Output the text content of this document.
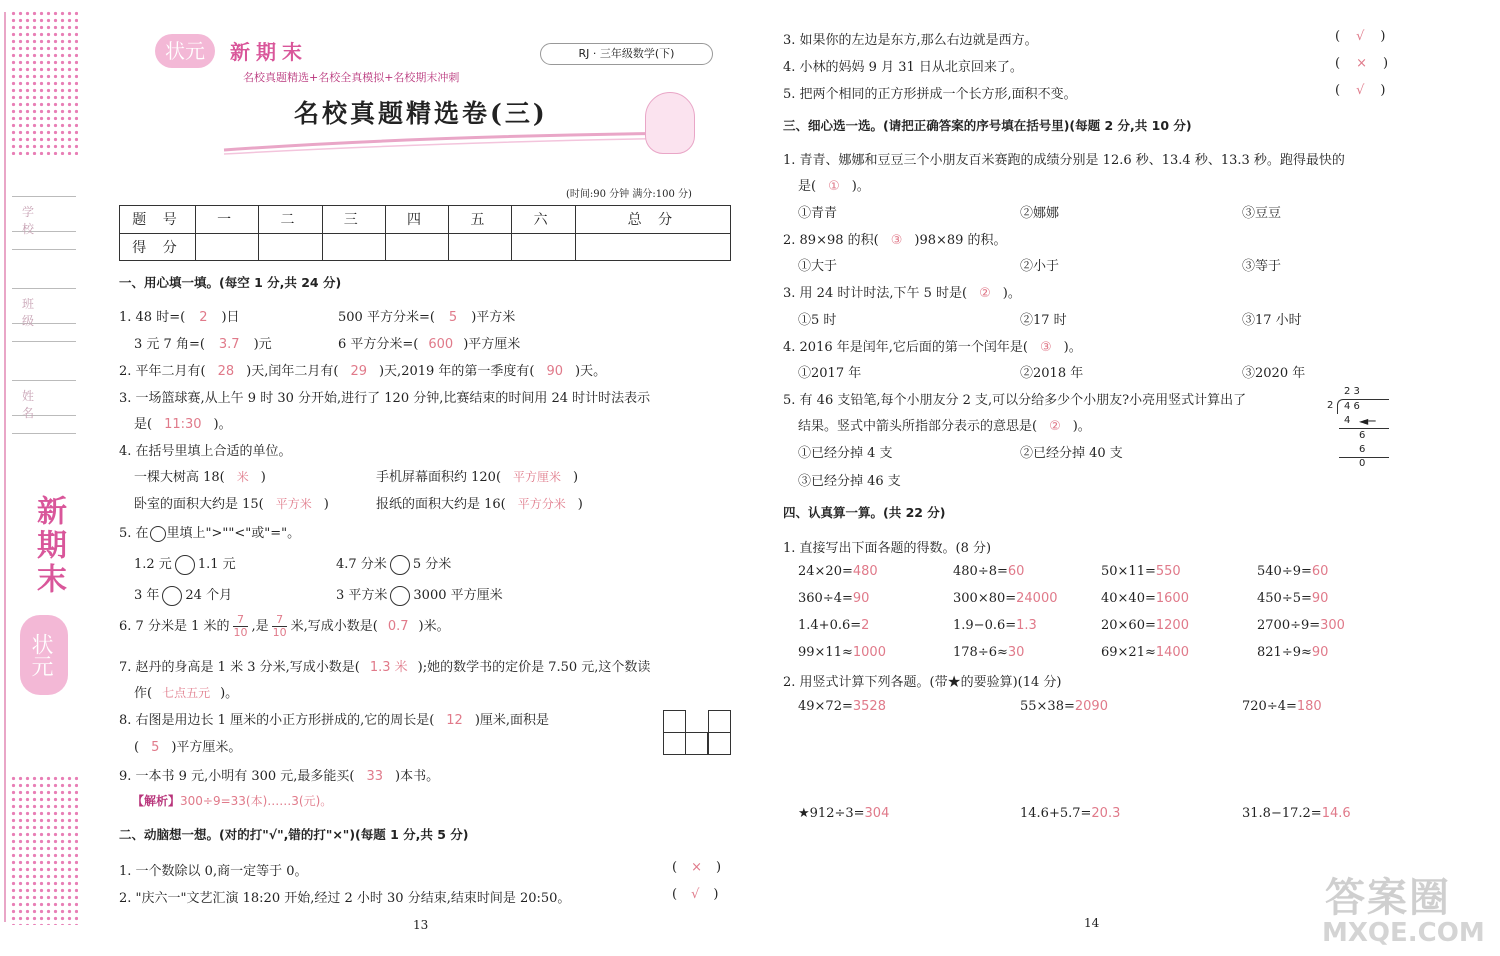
学校
班级
姓名
新期末
状元
状元	新期末
名校真题精选+名校全真模拟+名校期末冲刺
RJ · 三年级数学(下)
名校真题精选卷(三)
(时间:90 分钟 满分:100 分)
题 号	一	二	三	四	五	六	总 分
得 分							
一、用心填一填。(每空 1 分,共 24 分)
1. 48 时=( 2 )日	500 平方分米=( 5 )平方米
3 元 7 角=( 3.7 )元	6 平方分米=( 600 )平方厘米
2. 平年二月有( 28 )天,闰年二月有( 29 )天,2019 年的第一季度有( 90 )天。
3. 一场篮球赛,从上午 9 时 30 分开始,进行了 120 分钟,比赛结束的时间用 24 时计时法表示
是( 11:30 )。
4. 在括号里填上合适的单位。
一棵大树高 18( 米 )	手机屏幕面积约 120( 平方厘米 )
卧室的面积大约是 15( 平方米 )	报纸的面积大约是 16( 平方分米 )
5. 在 里填上">""<"或"="。
1.2 元 1.1 元	4.7 分米 5 分米
3 年 24 个月	3 平方米 3000 平方厘米
6. 7 分米是 1 米的 $\frac{7}{10}$ ,是 $\frac{7}{10}$ 米,写成小数是( 0.7 )米。
7. 赵丹的身高是 1 米 3 分米,写成小数是( 1.3 米 );她的数学书的定价是 7.50 元,这个数读
作( 七点五元 )。
8. 右图是用边长 1 厘米的小正方形拼成的,它的周长是( 12 )厘米,面积是
( 5 )平方厘米。
9. 一本书 9 元,小明有 300 元,最多能买( 33 )本书。
【解析】300÷9=33(本)……3(元)。
二、动脑想一想。(对的打"√",错的打"×")(每题 1 分,共 5 分)
1. 一个数除以 0,商一定等于 0。	( × )
2. "庆六一"文艺汇演 18:20 开始,经过 2 小时 30 分结束,结束时间是 20:50。	( √ )
13
3. 如果你的左边是东方,那么右边就是西方。	( √ )
4. 小林的妈妈 9 月 31 日从北京回来了。	( × )
5. 把两个相同的正方形拼成一个长方形,面积不变。	( √ )
三、细心选一选。(请把正确答案的序号填在括号里)(每题 2 分,共 10 分)
1. 青青、娜娜和豆豆三个小朋友百米赛跑的成绩分别是 12.6 秒、13.4 秒、13.3 秒。跑得最快的
是( ① )。
①青青	②娜娜	③豆豆
2. 89×98 的积( ③ )98×89 的积。
①大于	②小于	③等于
3. 用 24 时计时法,下午 5 时是( ② )。
①5 时	②17 时	③17 小时
4. 2016 年是闰年,它后面的第一个闰年是( ③ )。
①2017 年	②2018 年	③2020 年
5. 有 46 支铅笔,每个小朋友分 2 支,可以分给多少个小朋友?小亮用竖式计算出了
结果。竖式中箭头所指部分表示的意思是( ② )。
①已经分掉 4 支	②已经分掉 40 支
③已经分掉 46 支
2 3
2 4 6
4 ◄─
6
6
0
四、认真算一算。(共 22 分)
1. 直接写出下面各题的得数。(8 分)
24×20=480	480÷8=60	50×11=550	540÷9=60
360÷4=90	300×80=24000	40×40=1600	450÷5=90
1.4+0.6=2	1.9−0.6=1.3	20×60=1200	2700÷9=300
99×11≈1000	178÷6≈30	69×21≈1400	821÷9≈90
2. 用竖式计算下列各题。(带★的要验算)(14 分)
49×72=3528	55×38=2090	720÷4=180
★912÷3=304	14.6+5.7=20.3	31.8−17.2=14.6
14
答案圈
MXQE.COM
